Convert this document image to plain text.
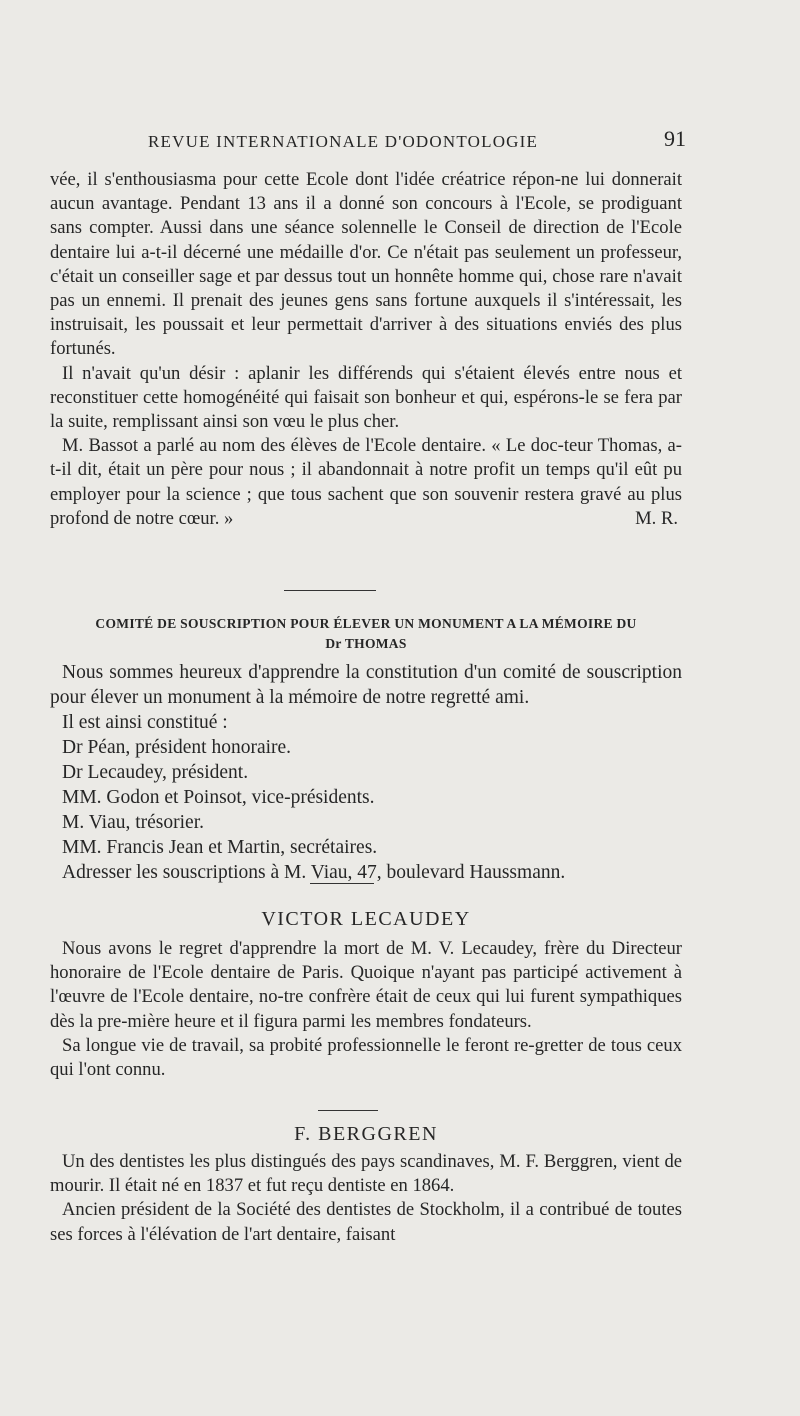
REVUE INTERNATIONALE D'ODONTOLOGIE	91

vée, il s'enthousiasma pour cette Ecole dont l'idée créatrice répon-ne lui donnerait aucun avantage. Pendant 13 ans il a donné son concours à l'Ecole, se prodiguant sans compter. Aussi dans une séance solennelle le Conseil de direction de l'Ecole dentaire lui a-t-il décerné une médaille d'or. Ce n'était pas seulement un professeur, c'était un conseiller sage et par dessus tout un honnête homme qui, chose rare n'avait pas un ennemi. Il prenait des jeunes gens sans fortune auxquels il s'intéressait, les instruisait, les poussait et leur permettait d'arriver à des situations enviés des plus fortunés.

Il n'avait qu'un désir : aplanir les différends qui s'étaient élevés entre nous et reconstituer cette homogénéité qui faisait son bonheur et qui, espérons-le se fera par la suite, remplissant ainsi son vœu le plus cher.

M. Bassot a parlé au nom des élèves de l'Ecole dentaire. « Le doc-teur Thomas, a-t-il dit, était un père pour nous ; il abandonnait à notre profit un temps qu'il eût pu employer pour la science ; que tous sachent que son souvenir restera gravé au plus profond de notre cœur. »	M. R.

COMITÉ DE SOUSCRIPTION POUR ÉLEVER UN MONUMENT A LA MÉMOIRE DU
Dr THOMAS

Nous sommes heureux d'apprendre la constitution d'un comité de souscription pour élever un monument à la mémoire de notre regretté ami.

Il est ainsi constitué :

Dr Péan, président honoraire.

Dr Lecaudey, président.

MM. Godon et Poinsot, vice-présidents.

M. Viau, trésorier.

MM. Francis Jean et Martin, secrétaires.

Adresser les souscriptions à M. Viau, 47, boulevard Haussmann.

VICTOR LECAUDEY

Nous avons le regret d'apprendre la mort de M. V. Lecaudey, frère du Directeur honoraire de l'Ecole dentaire de Paris. Quoique n'ayant pas participé activement à l'œuvre de l'Ecole dentaire, no-tre confrère était de ceux qui lui furent sympathiques dès la pre-mière heure et il figura parmi les membres fondateurs.

Sa longue vie de travail, sa probité professionnelle le feront re-gretter de tous ceux qui l'ont connu.

F. BERGGREN

Un des dentistes les plus distingués des pays scandinaves, M. F. Berggren, vient de mourir. Il était né en 1837 et fut reçu dentiste en 1864.

Ancien président de la Société des dentistes de Stockholm, il a contribué de toutes ses forces à l'élévation de l'art dentaire, faisant
